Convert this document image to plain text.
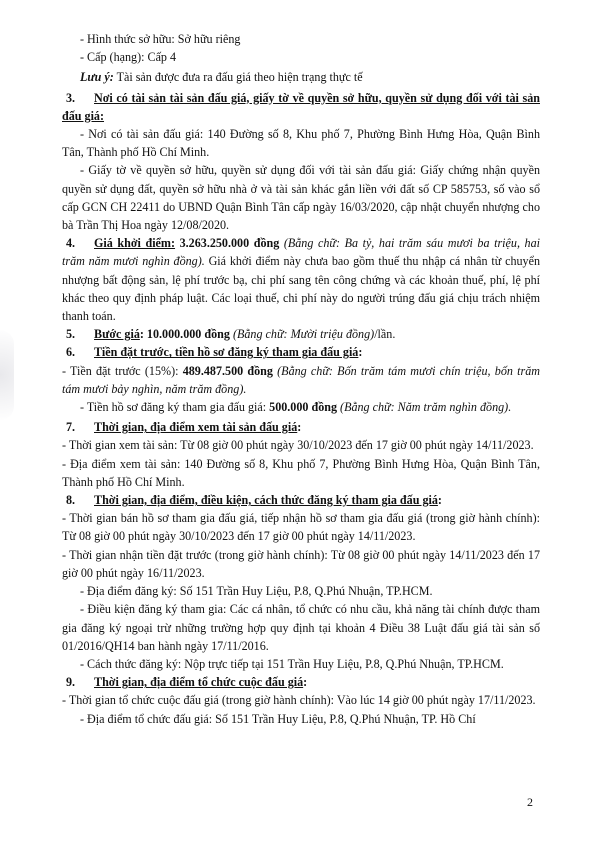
- Hình thức sở hữu: Sở hữu riêng

- Cấp (hạng): Cấp 4

Lưu ý: Tài sản được đưa ra đấu giá theo hiện trạng thực tế

3. Nơi có tài sản tài sản đấu giá, giấy tờ về quyền sở hữu, quyền sử dụng đối với tài sản đấu giá:

- Nơi có tài sản đấu giá: 140 Đường số 8, Khu phố 7, Phường Bình Hưng Hòa, Quận Bình Tân, Thành phố Hồ Chí Minh.

- Giấy tờ về quyền sở hữu, quyền sử dụng đối với tài sản đấu giá: Giấy chứng nhận quyền quyền sử dụng đất, quyền sở hữu nhà ở và tài sản khác gắn liền với đất số CP 585753, số vào sổ cấp GCN CH 22411 do UBND Quận Bình Tân cấp ngày 16/03/2020, cập nhật chuyển nhượng cho bà Trần Thị Hoa ngày 12/08/2020.

4. Giá khởi điểm: 3.263.250.000 đồng (Bằng chữ: Ba tỷ, hai trăm sáu mươi ba triệu, hai trăm năm mươi nghìn đồng). Giá khởi điểm này chưa bao gồm thuế thu nhập cá nhân từ chuyển nhượng bất động sản, lệ phí trước bạ, chi phí sang tên công chứng và các khoản thuế, phí, lệ phí khác theo quy định pháp luật. Các loại thuế, chi phí này do người trúng đấu giá chịu trách nhiệm thanh toán.

5. Bước giá: 10.000.000 đồng (Bằng chữ: Mười triệu đồng)/lần.

6. Tiền đặt trước, tiền hồ sơ đăng ký tham gia đấu giá:

- Tiền đặt trước (15%): 489.487.500 đồng (Bằng chữ: Bốn trăm tám mươi chín triệu, bốn trăm tám mươi bảy nghìn, năm trăm đồng).

- Tiền hồ sơ đăng ký tham gia đấu giá: 500.000 đồng (Bằng chữ: Năm trăm nghìn đồng).

7. Thời gian, địa điểm xem tài sản đấu giá:

- Thời gian xem tài sản: Từ 08 giờ 00 phút ngày 30/10/2023 đến 17 giờ 00 phút ngày 14/11/2023.

- Địa điểm xem tài sản: 140 Đường số 8, Khu phố 7, Phường Bình Hưng Hòa, Quận Bình Tân, Thành phố Hồ Chí Minh.

8. Thời gian, địa điểm, điều kiện, cách thức đăng ký tham gia đấu giá:

- Thời gian bán hồ sơ tham gia đấu giá, tiếp nhận hồ sơ tham gia đấu giá (trong giờ hành chính): Từ 08 giờ 00 phút ngày 30/10/2023 đến 17 giờ 00 phút ngày 14/11/2023.

- Thời gian nhận tiền đặt trước (trong giờ hành chính): Từ 08 giờ 00 phút ngày 14/11/2023 đến 17 giờ 00 phút ngày 16/11/2023.

- Địa điểm đăng ký: Số 151 Trần Huy Liệu, P.8, Q.Phú Nhuận, TP.HCM.

- Điều kiện đăng ký tham gia: Các cá nhân, tổ chức có nhu cầu, khả năng tài chính được tham gia đăng ký ngoại trừ những trường hợp quy định tại khoản 4 Điều 38 Luật đấu giá tài sản số 01/2016/QH14 ban hành ngày 17/11/2016.

- Cách thức đăng ký: Nộp trực tiếp tại 151 Trần Huy Liệu, P.8, Q.Phú Nhuận, TP.HCM.

9. Thời gian, địa điểm tổ chức cuộc đấu giá:

- Thời gian tổ chức cuộc đấu giá (trong giờ hành chính): Vào lúc 14 giờ 00 phút ngày 17/11/2023.

- Địa điểm tổ chức đấu giá: Số 151 Trần Huy Liệu, P.8, Q.Phú Nhuận, TP. Hồ Chí

2
